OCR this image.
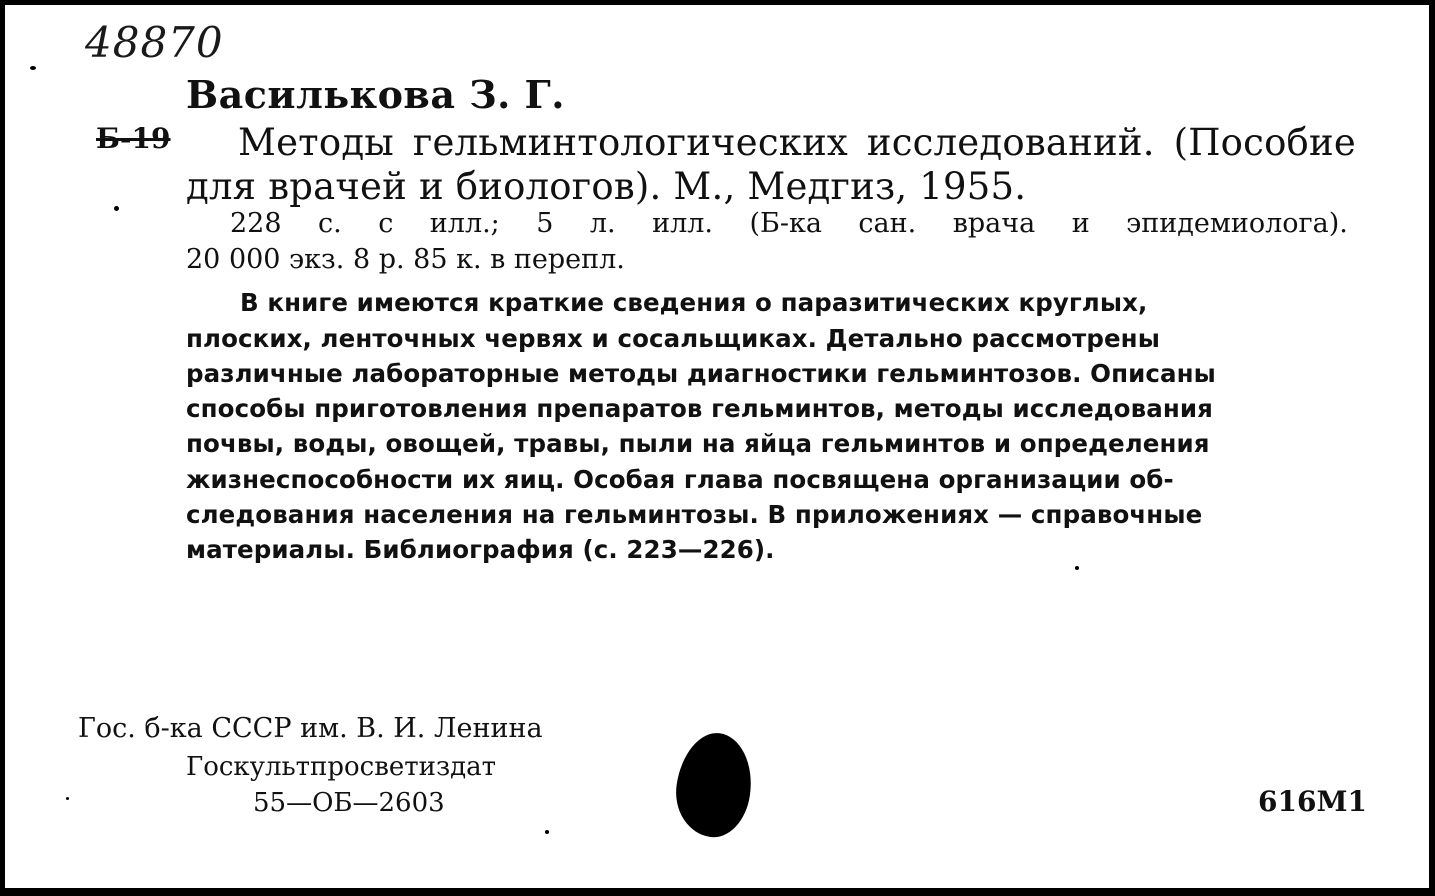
48870
Василькова З. Г.
Б-19 Методы гельминтологических исследований. (Пособие
для врачей и биологов). М., Медгиз, 1955.
228 с. с илл.; 5 л. илл. (Б-ка сан. врача и эпидемиолога).
20 000 экз. 8 р. 85 к. в перепл.
В книге имеются краткие сведения о паразитических круглых,
плоских, ленточных червях и сосальщиках. Детально рассмотрены
различные лабораторные методы диагностики гельминтозов. Описаны
способы приготовления препаратов гельминтов, методы исследования
почвы, воды, овощей, травы, пыли на яйца гельминтов и определения
жизнеспособности их яиц. Особая глава посвящена организации об-
следования населения на гельминтозы. В приложениях — справочные
материалы. Библиография (с. 223—226).
Гос. б-ка СССР им. В. И. Ленина
Госкультпросветиздат
55—ОБ—2603	616М1
